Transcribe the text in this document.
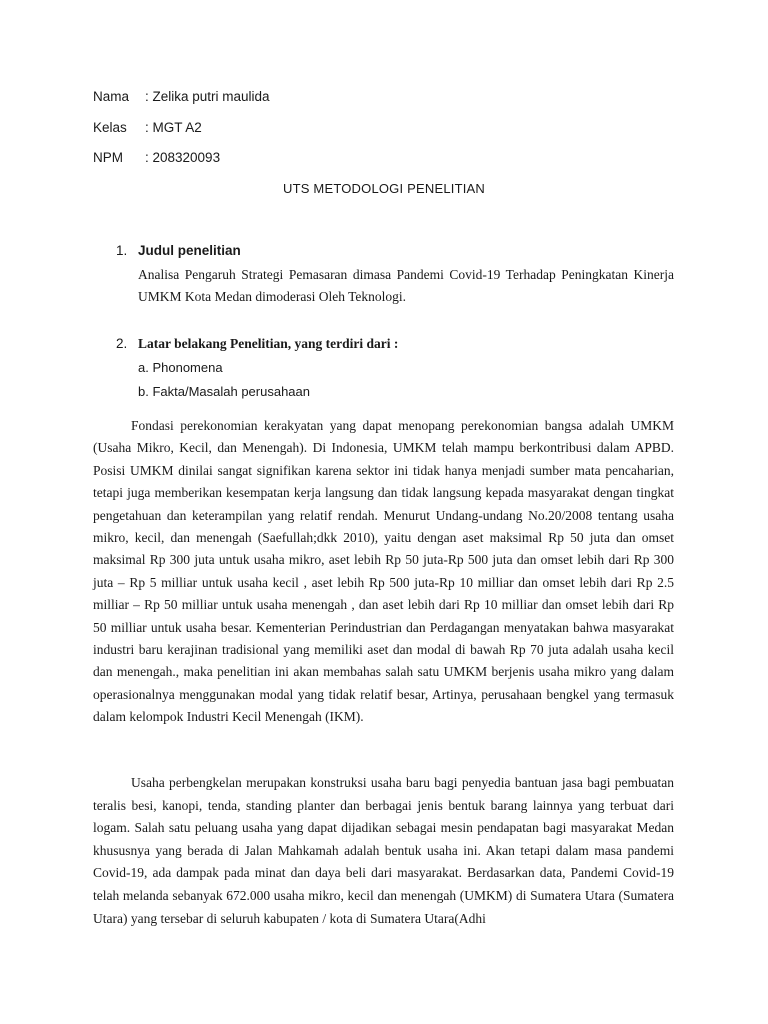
Nama : Zelika putri maulida
Kelas : MGT A2
NPM : 208320093
UTS METODOLOGI PENELITIAN
1. Judul penelitian
Analisa Pengaruh Strategi Pemasaran dimasa Pandemi Covid-19 Terhadap Peningkatan Kinerja UMKM Kota Medan dimoderasi Oleh Teknologi.
2. Latar belakang Penelitian, yang terdiri dari :
a. Phonomena
b. Fakta/Masalah perusahaan

Fondasi perekonomian kerakyatan yang dapat menopang perekonomian bangsa adalah UMKM (Usaha Mikro, Kecil, dan Menengah). Di Indonesia, UMKM telah mampu berkontribusi dalam APBD. Posisi UMKM dinilai sangat signifikan karena sektor ini tidak hanya menjadi sumber mata pencaharian, tetapi juga memberikan kesempatan kerja langsung dan tidak langsung kepada masyarakat dengan tingkat pengetahuan dan keterampilan yang relatif rendah. Menurut Undang-undang No.20/2008 tentang usaha mikro, kecil, dan menengah (Saefullah;dkk 2010), yaitu dengan aset maksimal Rp 50 juta dan omset maksimal Rp 300 juta untuk usaha mikro, aset lebih Rp 50 juta-Rp 500 juta dan omset lebih dari Rp 300 juta – Rp 5 milliar untuk usaha kecil , aset lebih Rp 500 juta-Rp 10 milliar dan omset lebih dari Rp 2.5 milliar – Rp 50 milliar untuk usaha menengah , dan aset lebih dari Rp 10 milliar dan omset lebih dari Rp 50 milliar untuk usaha besar. Kementerian Perindustrian dan Perdagangan menyatakan bahwa masyarakat industri baru kerajinan tradisional yang memiliki aset dan modal di bawah Rp 70 juta adalah usaha kecil dan menengah., maka penelitian ini akan membahas salah satu UMKM berjenis usaha mikro yang dalam operasionalnya menggunakan modal yang tidak relatif besar, Artinya, perusahaan bengkel yang termasuk dalam kelompok Industri Kecil Menengah (IKM).

Usaha perbengkelan merupakan konstruksi usaha baru bagi penyedia bantuan jasa bagi pembuatan teralis besi, kanopi, tenda, standing planter dan berbagai jenis bentuk barang lainnya yang terbuat dari logam. Salah satu peluang usaha yang dapat dijadikan sebagai mesin pendapatan bagi masyarakat Medan khususnya yang berada di Jalan Mahkamah adalah bentuk usaha ini. Akan tetapi dalam masa pandemi Covid-19, ada dampak pada minat dan daya beli dari masyarakat. Berdasarkan data, Pandemi Covid-19 telah melanda sebanyak 672.000 usaha mikro, kecil dan menengah (UMKM) di Sumatera Utara (Sumatera Utara) yang tersebar di seluruh kabupaten / kota di Sumatera Utara(Adhi
